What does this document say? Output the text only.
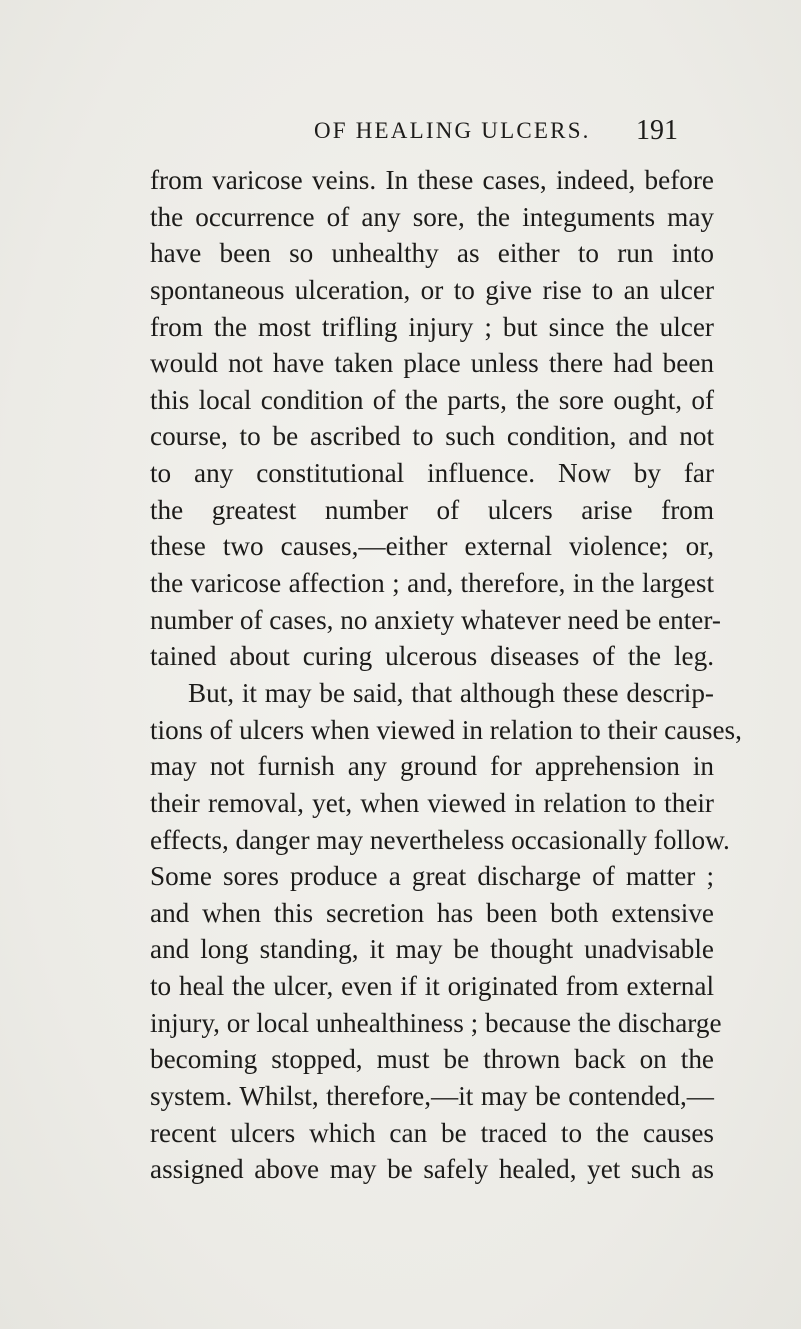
OF HEALING ULCERS. 191
from varicose veins. In these cases, indeed, before
the occurrence of any sore, the integuments may
have been so unhealthy as either to run into
spontaneous ulceration, or to give rise to an ulcer
from the most trifling injury ; but since the ulcer
would not have taken place unless there had been
this local condition of the parts, the sore ought, of
course, to be ascribed to such condition, and not
to any constitutional influence. Now by far
the greatest number of ulcers arise from
these two causes,—either external violence; or,
the varicose affection ; and, therefore, in the largest
number of cases, no anxiety whatever need be enter-
tained about curing ulcerous diseases of the leg.
But, it may be said, that although these descrip-
tions of ulcers when viewed in relation to their causes,
may not furnish any ground for apprehension in
their removal, yet, when viewed in relation to their
effects, danger may nevertheless occasionally follow.
Some sores produce a great discharge of matter ;
and when this secretion has been both extensive
and long standing, it may be thought unadvisable
to heal the ulcer, even if it originated from external
injury, or local unhealthiness ; because the discharge
becoming stopped, must be thrown back on the
system. Whilst, therefore,—it may be contended,—
recent ulcers which can be traced to the causes
assigned above may be safely healed, yet such as
